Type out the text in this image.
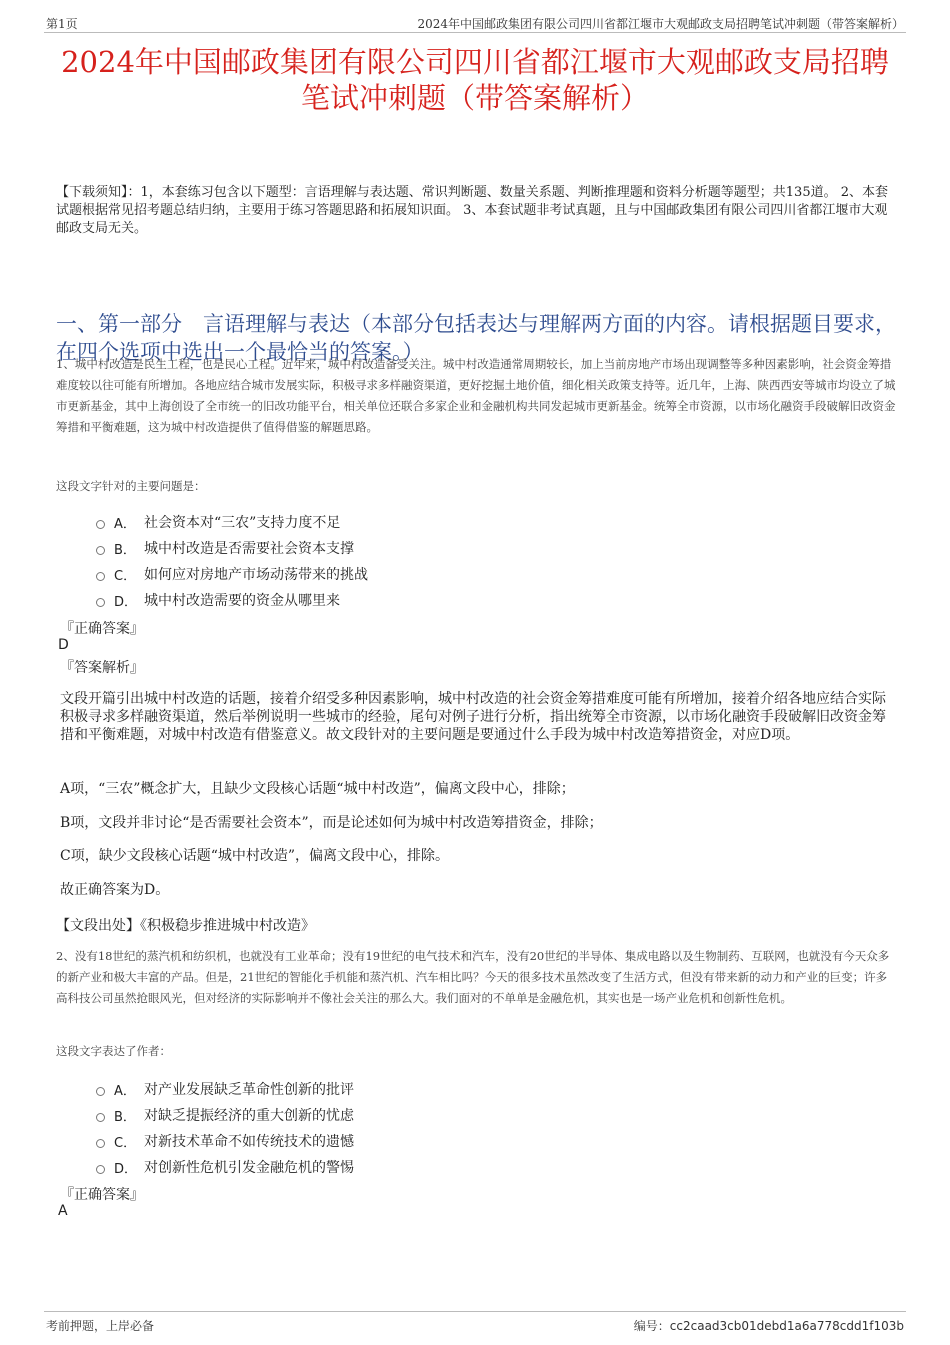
第1页	2024年中国邮政集团有限公司四川省都江堰市大观邮政支局招聘笔试冲刺题（带答案解析）
2024年中国邮政集团有限公司四川省都江堰市大观邮政支局招聘笔试冲刺题（带答案解析）
【下载须知】：1，本套练习包含以下题型：言语理解与表达题、常识判断题、数量关系题、判断推理题和资料分析题等题型；共135道。 2、本套试题根据常见招考题总结归纳，主要用于练习答题思路和拓展知识面。 3、本套试题非考试真题，且与中国邮政集团有限公司四川省都江堰市大观邮政支局无关。
一、第一部分　言语理解与表达（本部分包括表达与理解两方面的内容。请根据题目要求，在四个选项中选出一个最恰当的答案。）
1、城中村改造是民生工程，也是民心工程。近年来，城中村改造备受关注。城中村改造通常周期较长，加上当前房地产市场出现调整等多种因素影响，社会资金筹措难度较以往可能有所增加。各地应结合城市发展实际，积极寻求多样融资渠道，更好挖掘土地价值，细化相关政策支持等。近几年，上海、陕西西安等城市均设立了城市更新基金，其中上海创设了全市统一的旧改功能平台，相关单位还联合多家企业和金融机构共同发起城市更新基金。统筹全市资源，以市场化融资手段破解旧改资金筹措和平衡难题，这为城中村改造提供了值得借鉴的解题思路。
这段文字针对的主要问题是：
A． 社会资本对“三农”支持力度不足
B． 城中村改造是否需要社会资本支撑
C． 如何应对房地产市场动荡带来的挑战
D． 城中村改造需要的资金从哪里来
『正确答案』
D
『答案解析』
文段开篇引出城中村改造的话题，接着介绍受多种因素影响，城中村改造的社会资金筹措难度可能有所增加，接着介绍各地应结合实际积极寻求多样融资渠道，然后举例说明一些城市的经验，尾句对例子进行分析，指出统筹全市资源，以市场化融资手段破解旧改资金筹措和平衡难题，对城中村改造有借鉴意义。故文段针对的主要问题是要通过什么手段为城中村改造筹措资金，对应D项。
A项，“三农”概念扩大，且缺少文段核心话题“城中村改造”，偏离文段中心，排除；
B项，文段并非讨论“是否需要社会资本”，而是论述如何为城中村改造筹措资金，排除；
C项，缺少文段核心话题“城中村改造”，偏离文段中心，排除。
故正确答案为D。
【文段出处】《积极稳步推进城中村改造》
2、没有18世纪的蒸汽机和纺织机，也就没有工业革命；没有19世纪的电气技术和汽车，没有20世纪的半导体、集成电路以及生物制药、互联网，也就没有今天众多的新产业和极大丰富的产品。但是，21世纪的智能化手机能和蒸汽机、汽车相比吗？今天的很多技术虽然改变了生活方式，但没有带来新的动力和产业的巨变；许多高科技公司虽然抢眼风光，但对经济的实际影响并不像社会关注的那么大。我们面对的不单单是金融危机，其实也是一场产业危机和创新性危机。
这段文字表达了作者：
A． 对产业发展缺乏革命性创新的批评
B． 对缺乏提振经济的重大创新的忧虑
C． 对新技术革命不如传统技术的遗憾
D． 对创新性危机引发金融危机的警惕
『正确答案』
A
考前押题，上岸必备	编号：cc2caad3cb01debd1a6a778cdd1f103b
